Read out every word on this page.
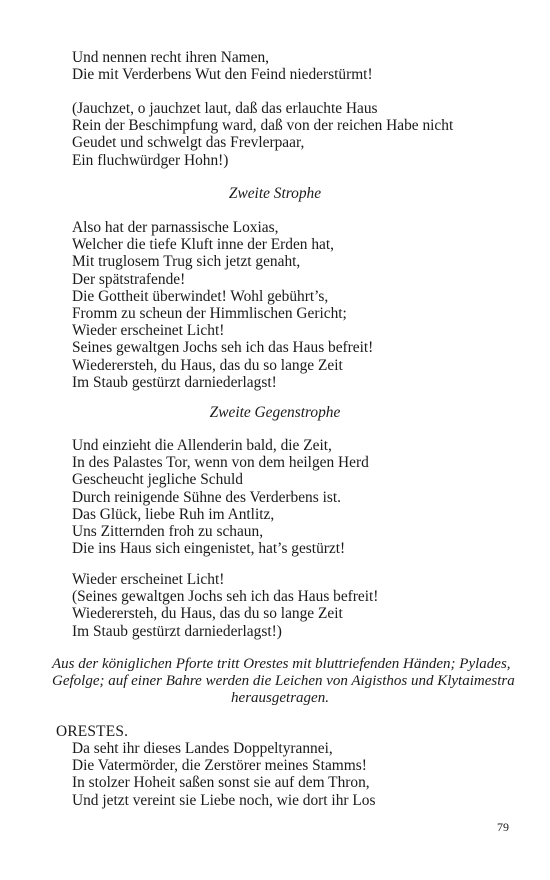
Und nennen recht ihren Namen,
Die mit Verderbens Wut den Feind niederstürmt!
(Jauchzet, o jauchzet laut, daß das erlauchte Haus
Rein der Beschimpfung ward, daß von der reichen Habe nicht
Geudet und schwelgt das Frevlerpaar,
Ein fluchwürdger Hohn!)
Zweite Strophe
Also hat der parnassische Loxias,
Welcher die tiefe Kluft inne der Erden hat,
Mit truglosem Trug sich jetzt genaht,
Der spätstrafende!
Die Gottheit überwindet! Wohl gebührt’s,
Fromm zu scheun der Himmlischen Gericht;
Wieder erscheinet Licht!
Seines gewaltgen Jochs seh ich das Haus befreit!
Wiedererstеh, du Haus, das du so lange Zeit
Im Staub gestürzt darniederlagst!
Zweite Gegenstrophe
Und einzieht die Allenderin bald, die Zeit,
In des Palastes Tor, wenn von dem heilgen Herd
Gescheucht jegliche Schuld
Durch reinigende Sühne des Verderbens ist.
Das Glück, liebe Ruh im Antlitz,
Uns Zitternden froh zu schaun,
Die ins Haus sich eingenistet, hat’s gestürzt!
Wieder erscheinet Licht!
(Seines gewaltgen Jochs seh ich das Haus befreit!
Wiedererstеh, du Haus, das du so lange Zeit
Im Staub gestürzt darniederlagst!)
Aus der königlichen Pforte tritt Orestes mit bluttriefenden Händen; Pylades,
Gefolge; auf einer Bahre werden die Leichen von Aigisthos und Klytaimestra
herausgetragen.
ORESTES.
Da seht ihr dieses Landes Doppeltyrannei,
Die Vatermörder, die Zerstörer meines Stamms!
In stolzer Hoheit saßen sonst sie auf dem Thron,
Und jetzt vereint sie Liebe noch, wie dort ihr Los
79
